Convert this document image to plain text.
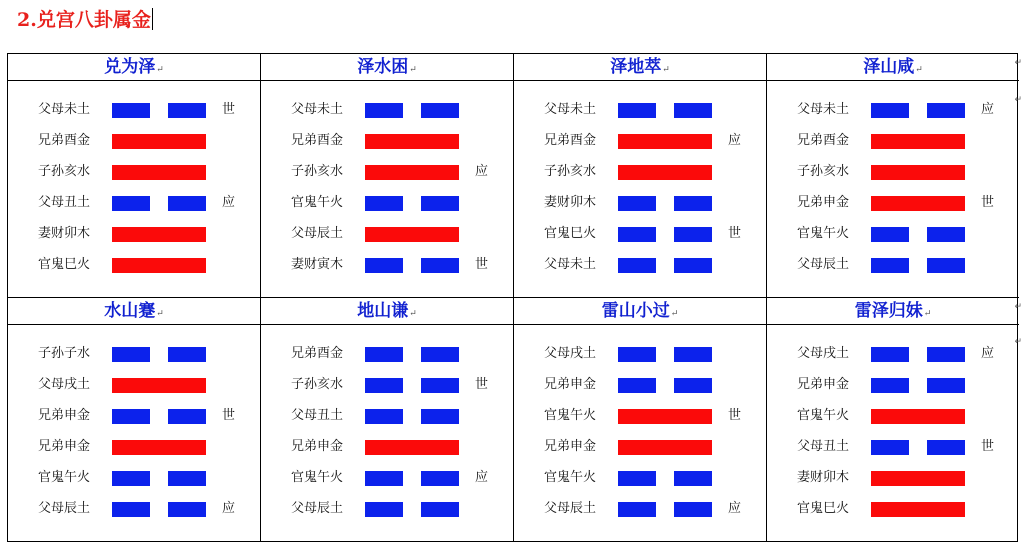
2.兑宫八卦属金
兑为泽↵
父母未土	世
兄弟酉金
子孙亥水
父母丑土	应
妻财卯木
官鬼巳火
泽水困↵
父母未土
兄弟酉金
子孙亥水	应
官鬼午火
父母辰土
妻财寅木	世
泽地萃↵
父母未土
兄弟酉金	应
子孙亥水
妻财卯木
官鬼巳火	世
父母未土
泽山咸↵
父母未土	应
兄弟酉金
子孙亥水
兄弟申金	世
官鬼午火
父母辰土
水山蹇↵
子孙子水
父母戌土
兄弟申金	世
兄弟申金
官鬼午火
父母辰土	应
地山谦↵
兄弟酉金
子孙亥水	世
父母丑土
兄弟申金
官鬼午火	应
父母辰土
雷山小过↵
父母戌土
兄弟申金
官鬼午火	世
兄弟申金
官鬼午火
父母辰土	应
雷泽归妹↵
父母戌土	应
兄弟申金
官鬼午火
父母丑土	世
妻财卯木
官鬼巳火
↵
↵
↵
↵
